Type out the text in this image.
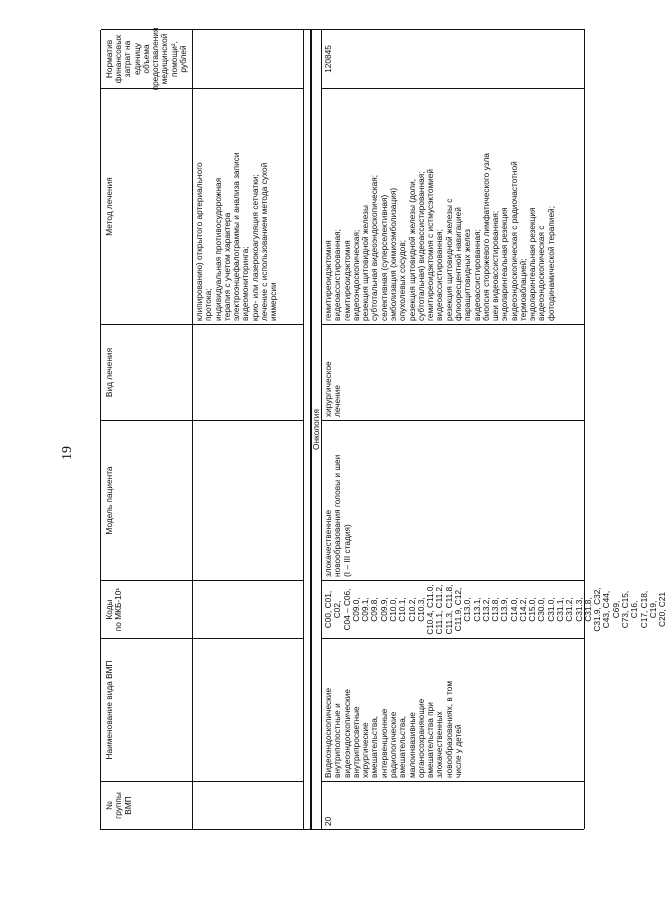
19
№
группы
ВМП
Наименование вида ВМП
Коды
по МКБ-10¹
Модель пациента
Вид лечения
Метод лечения
Норматив
финансовых
затрат на единицу
объема
предоставления
медицинской
помощи², рублей
клипированию) открытого артериального
протока;
индивидуальная противосудорожная
терапия с учетом характера
электроэнцефалограммы и анализа записи
видеомониторинга;
крио- или лазерокоагуляция сетчатки;
лечение с использованием метода сухой
иммерсии
Онкология
20
Видеоэндоскопические
внутриполостные и
видеоэндоскопические
внутрипросветные
хирургические
вмешательства,
интервенционные
радиологические
вмешательства,
малоинвазивные
органосохраняющие
вмешательства при
злокачественных
новообразованиях, в том
числе у детей
C00, C01, C02,
C04 – C06,
C09.0, C09.1,
C09.8, C09.9,
C10.0, C10.1,
C10.2, C10.3,
C10.4, C11.0,
C11.1, C11.2,
C11.3, C11.8,
C11.9, C12,
C13.0, C13.1,
C13.2, C13.8,
C13.9, C14.0,
C14.2, C15.0,
C30.0, C31.0,
C31.1, C31.2,
C31.3, C31.8,
C31.9, C32,
C43, C44, C69,
C73, C15, C16,
C17, C18, C19,
C20, C21
злокачественные
новообразования головы и шеи
(I – III стадия)
хирургическое
лечение
гемитиреоидэктомия
видеоассистированная;
гемитиреоидэктомия
видеоэндоскопическая;
резекция щитовидной железы
субтотальная видеоэндоскопическая;
селективная (суперселективная)
эмболизация (химиоэмболизация)
опухолевых сосудов;
резекция щитовидной железы (доли,
субтотальная) видеоассистированная;
гемитиреоидэктомия с истмусэктомией
видеоассистированная;
резекция щитовидной железы с
флюоресцентной навигацией
паращитовидных желез
видеоассистированная;
биопсия сторожевого лимфатического узла
шеи видеоассистированная;
эндоларингеальная резекция
видеоэндоскопическая с радиочастотной
термоаблацией;
эндоларингеальная резекция
видеоэндоскопическая с
фотодинамической терапией;
120845
